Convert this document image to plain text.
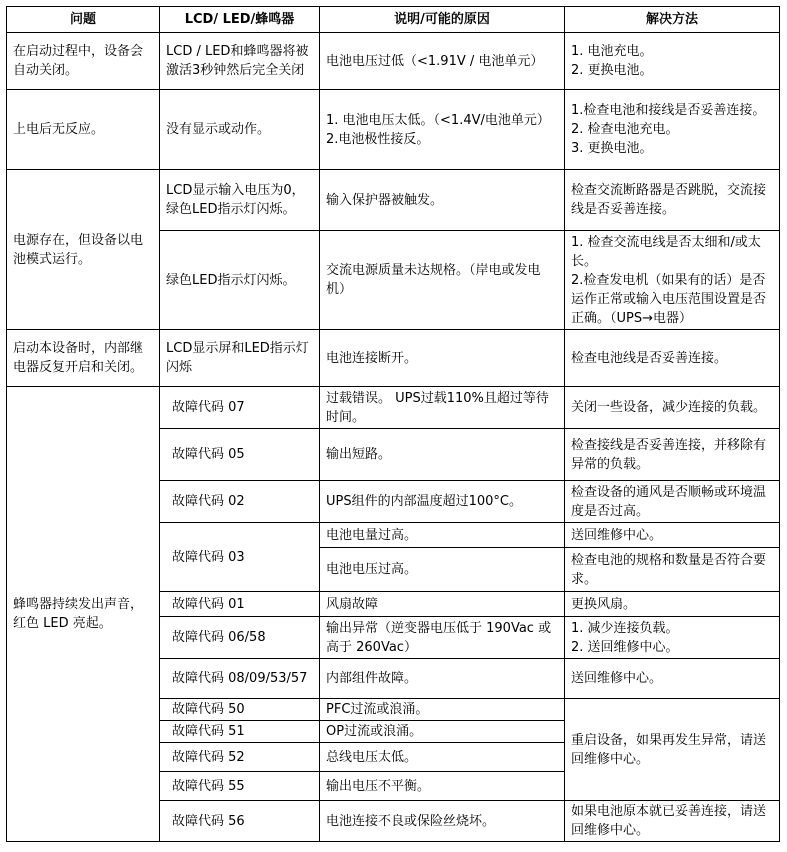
问题	LCD/ LED/蜂鸣器	说明/可能的原因	解决方法
在启动过程中，设备会自动关闭。	LCD / LED和蜂鸣器将被激活3秒钟然后完全关闭	电池电压过低（<1.91V / 电池单元）	1. 电池充电。
2. 更换电池。

上电后无反应。	没有显示或动作。	1. 电池电压太低。（<1.4V/电池单元）
2.电池极性接反。	1.检查电池和接线是否妥善连接。
2. 检查电池充电。
3. 更换电池。

电源存在，但设备以电池模式运行。	LCD显示输入电压为0，绿色LED指示灯闪烁。	输入保护器被触发。	检查交流断路器是否跳脱，交流接线是否妥善连接。
	绿色LED指示灯闪烁。	交流电源质量未达规格。（岸电或发电机）	1. 检查交流电线是否太细和/或太长。
2.检查发电机（如果有的话）是否运作正常或输入电压范围设置是否正确。（UPS→电器）

启动本设备时，内部继电器反复开启和关闭。	LCD显示屏和LED指示灯闪烁	电池连接断开。	检查电池线是否妥善连接。
蜂鸣器持续发出声音，红色 LED 亮起。	故障代码 07	过载错误。 UPS过载110%且超过等待时间。	关闭一些设备，减少连接的负载。
	故障代码 05	输出短路。	检查接线是否妥善连接，并移除有异常的负载。
	故障代码 02	UPS组件的内部温度超过100°C。	检查设备的通风是否顺畅或环境温度是否过高。
	故障代码 03	电池电量过高。	送回维修中心。
		电池电压过高。	检查电池的规格和数量是否符合要求。
	故障代码 01	风扇故障	更换风扇。
	故障代码 06/58	输出异常（逆变器电压低于 190Vac 或高于 260Vac）	1. 减少连接负载。
2. 送回维修中心。

	故障代码 08/09/53/57	内部组件故障。	送回维修中心。
	故障代码 50	PFC过流或浪涌。	重启设备，如果再发生异常，请送回维修中心。
	故障代码 51	OP过流或浪涌。	
	故障代码 52	总线电压太低。	
	故障代码 55	输出电压不平衡。	
	故障代码 56	电池连接不良或保险丝烧坏。	如果电池原本就已妥善连接，请送回维修中心。
